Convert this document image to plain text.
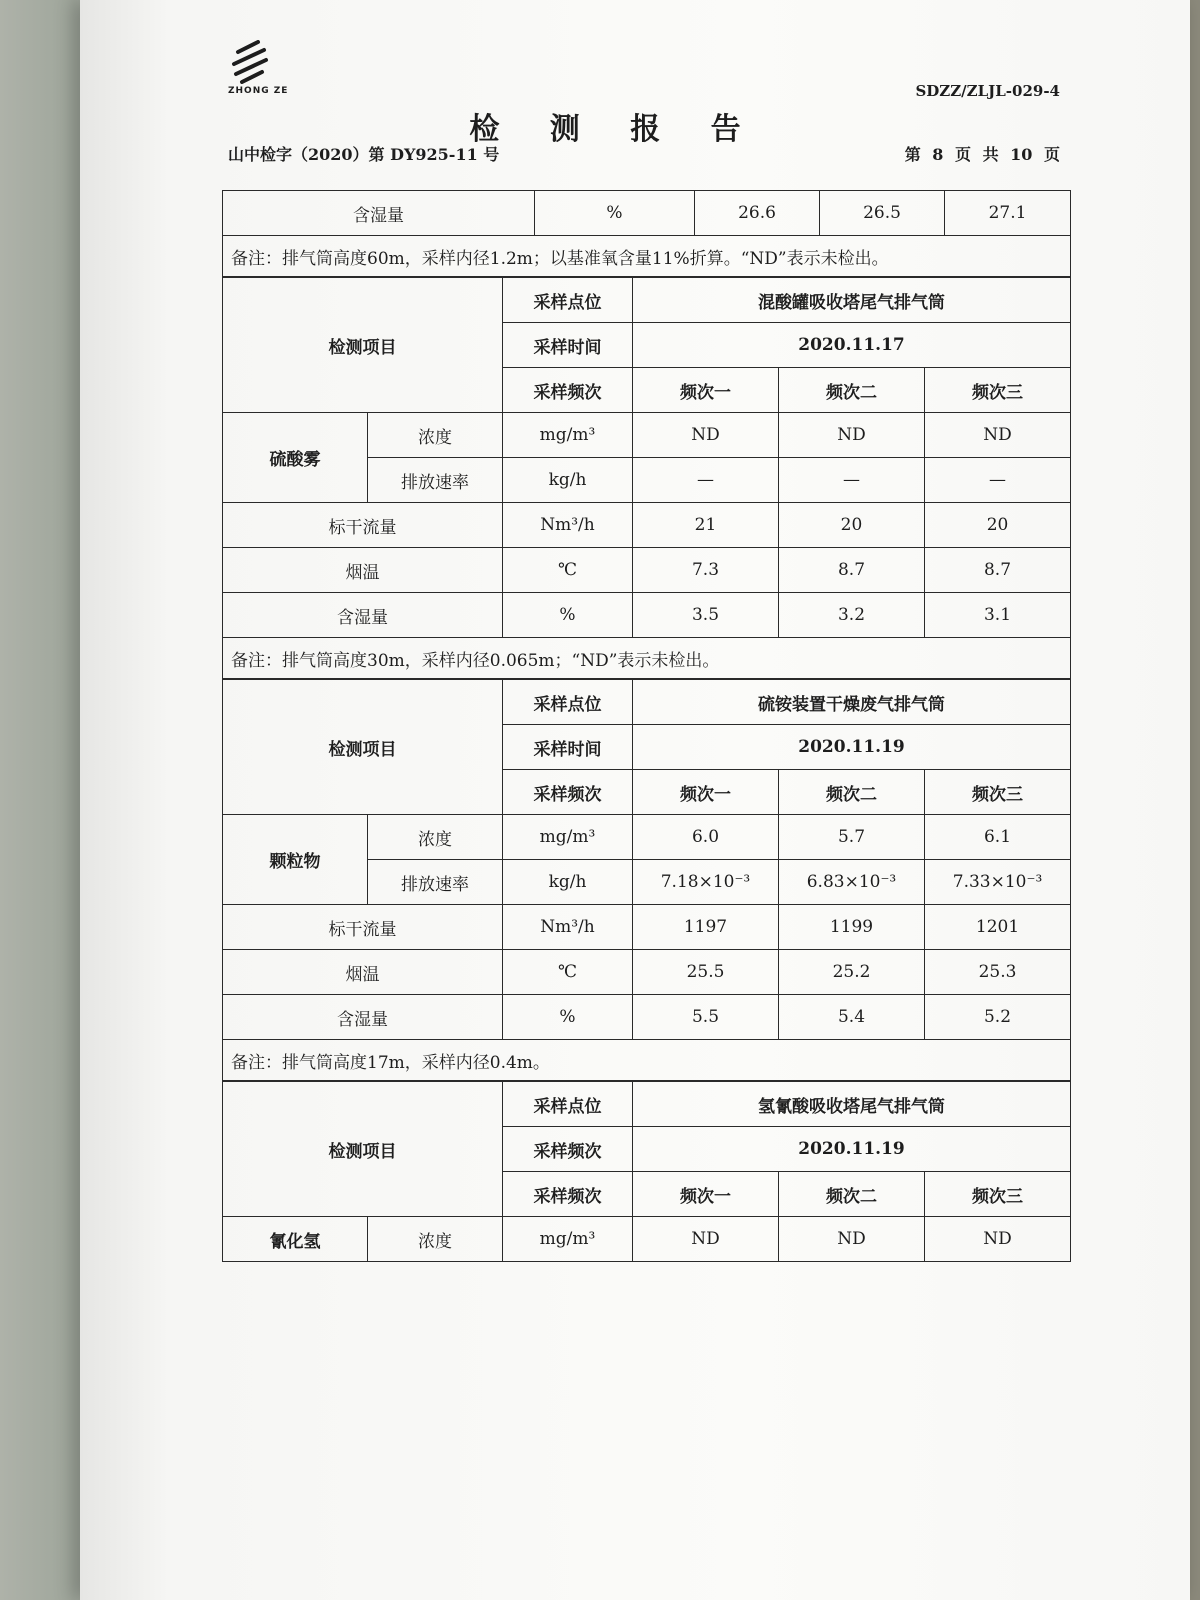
ZHONG ZE	SDZZ/ZLJL-029-4
检 测 报 告
山中检字（2020）第 DY925-11 号	第 8 页 共 10 页
含湿量	%	26.6	26.5	27.1
备注：排气筒高度60m，采样内径1.2m；以基准氧含量11%折算。“ND”表示未检出。
检测项目		采样点位	混酸罐吸收塔尾气排气筒		
		采样时间	2020.11.17		
		采样频次	频次一	频次二	频次三
硫酸雾	浓度	mg/m³	ND	ND	ND
	排放速率	kg/h	—	—	—
标干流量		Nm³/h	21	20	20
烟温		℃	7.3	8.7	8.7
含湿量		%	3.5	3.2	3.1
备注：排气筒高度30m，采样内径0.065m；“ND”表示未检出。					
检测项目		采样点位	硫铵装置干燥废气排气筒		
		采样时间	2020.11.19		
		采样频次	频次一	频次二	频次三
颗粒物	浓度	mg/m³	6.0	5.7	6.1
	排放速率	kg/h	7.18×10⁻³	6.83×10⁻³	7.33×10⁻³
标干流量		Nm³/h	1197	1199	1201
烟温		℃	25.5	25.2	25.3
含湿量		%	5.5	5.4	5.2
备注：排气筒高度17m，采样内径0.4m。					
检测项目		采样点位	氢氰酸吸收塔尾气排气筒		
		采样频次	2020.11.19		
		采样频次	频次一	频次二	频次三
氰化氢	浓度	mg/m³	ND	ND	ND
